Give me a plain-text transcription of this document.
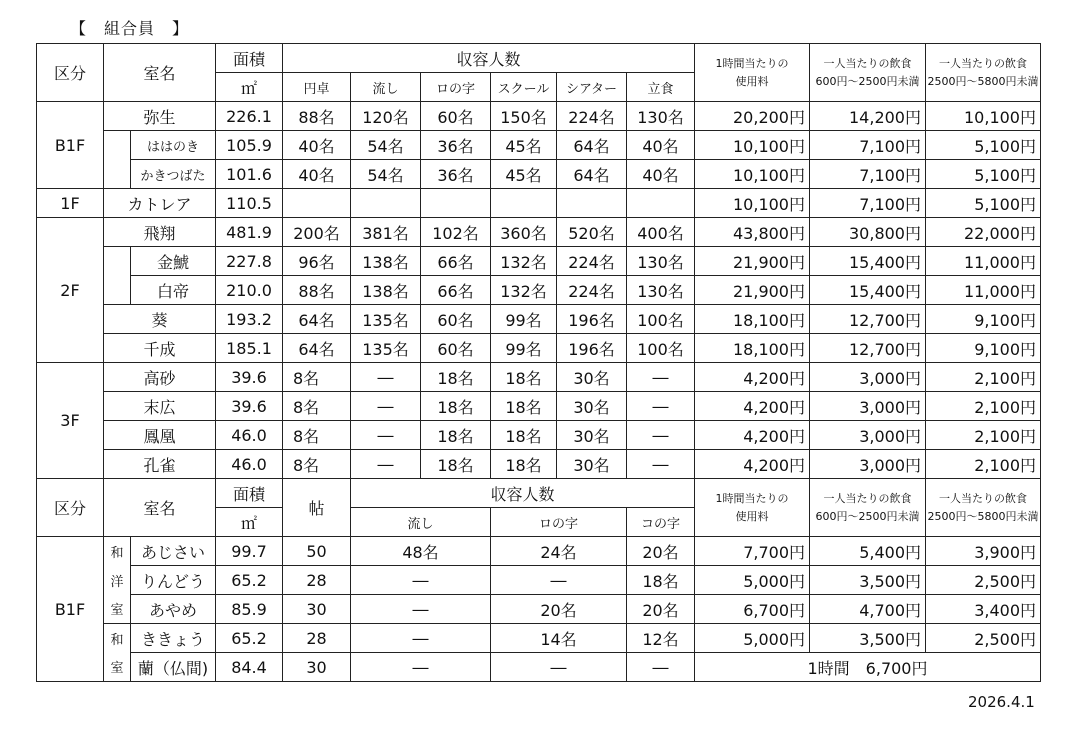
【　組合員　】
区分	室名		面積	収容人数						1時間当たりの
使用料	一人当たりの飲食
600円～2500円未満	一人当たりの飲食
2500円～5800円未満

			㎡	円卓	流し	ロの字	スクール	シアター	立食			
B1F	弥生		226.1	88名	120名	60名	150名	224名	130名	20,200円	14,200円	10,100円
		ははのき	105.9	40名	54名	36名	45名	64名	40名	10,100円	7,100円	5,100円
		かきつばた	101.6	40名	54名	36名	45名	64名	40名	10,100円	7,100円	5,100円
1F	カトレア		110.5							10,100円	7,100円	5,100円
2F	飛翔		481.9	200名	381名	102名	360名	520名	400名	43,800円	30,800円	22,000円
		金鯱	227.8	96名	138名	66名	132名	224名	130名	21,900円	15,400円	11,000円
		白帝	210.0	88名	138名	66名	132名	224名	130名	21,900円	15,400円	11,000円
	葵		193.2	64名	135名	60名	99名	196名	100名	18,100円	12,700円	9,100円
	千成		185.1	64名	135名	60名	99名	196名	100名	18,100円	12,700円	9,100円
3F	高砂		39.6	8名	―	18名	18名	30名	―	4,200円	3,000円	2,100円
	末広		39.6	8名	―	18名	18名	30名	―	4,200円	3,000円	2,100円
	鳳凰		46.0	8名	―	18名	18名	30名	―	4,200円	3,000円	2,100円
	孔雀		46.0	8名	―	18名	18名	30名	―	4,200円	3,000円	2,100円
区分	室名		面積	帖	収容人数					1時間当たりの
使用料	一人当たりの飲食
600円～2500円未満	一人当たりの飲食
2500円～5800円未満

			㎡		流し		ロの字		コの字			
B1F	和	あじさい	99.7	50	48名		24名		20名	7,700円	5,400円	3,900円
	洋	りんどう	65.2	28	―		―		18名	5,000円	3,500円	2,500円
	室	あやめ	85.9	30	―		20名		20名	6,700円	4,700円	3,400円
	和	ききょう	65.2	28	―		14名		12名	5,000円	3,500円	2,500円
	室	蘭（仏間)	84.4	30	―		―		―	1時間　6,700円		
2026.4.1
